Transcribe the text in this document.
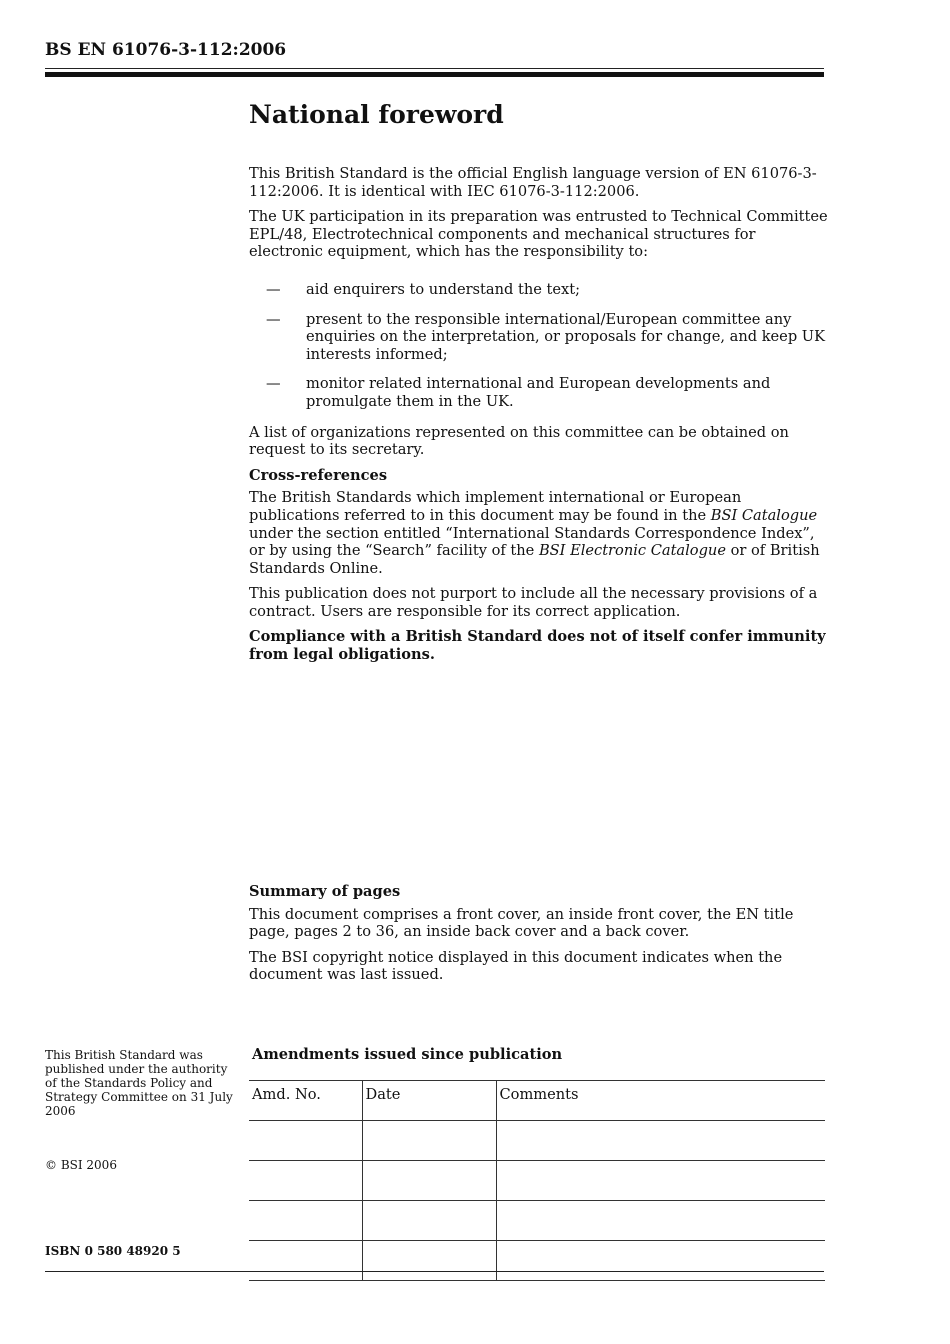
BS EN 61076-3-112:2006
National foreword

This British Standard is the official English language version of EN 61076-3-112:2006. It is identical with IEC 61076-3-112:2006.

The UK participation in its preparation was entrusted to Technical Committee EPL/48, Electrotechnical components and mechanical structures for electronic equipment, which has the responsibility to:

—	aid enquirers to understand the text;
—	present to the responsible international/European committee any enquiries on the interpretation, or proposals for change, and keep UK interests informed;
—	monitor related international and European developments and promulgate them in the UK.

A list of organizations represented on this committee can be obtained on request to its secretary.

Cross-references

The British Standards which implement international or European publications referred to in this document may be found in the BSI Catalogue under the section entitled “International Standards Correspondence Index”, or by using the “Search” facility of the BSI Electronic Catalogue or of British Standards Online.

This publication does not purport to include all the necessary provisions of a contract. Users are responsible for its correct application.

Compliance with a British Standard does not of itself confer immunity from legal obligations.

Summary of pages

This document comprises a front cover, an inside front cover, the EN title page, pages 2 to 36, an inside back cover and a back cover.

The BSI copyright notice displayed in this document indicates when the document was last issued.

This British Standard was published under the authority of the Standards Policy and Strategy Committee on 31 July 2006
© BSI 2006
ISBN 0 580 48920 5
Amendments issued since publication
Amd. No.	Date	Comments
